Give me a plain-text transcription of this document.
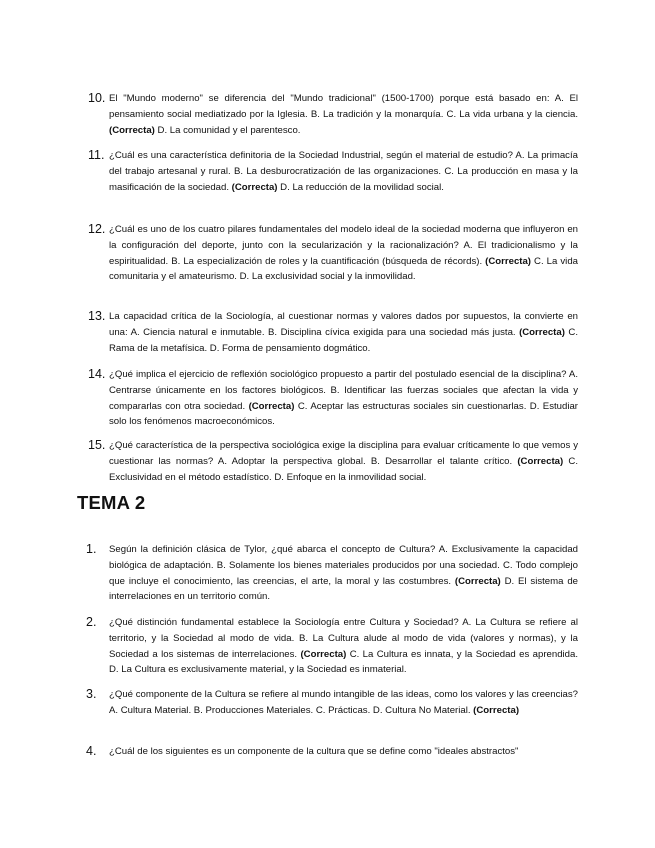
10. El "Mundo moderno" se diferencia del "Mundo tradicional" (1500-1700) porque está basado en: A. El pensamiento social mediatizado por la Iglesia. B. La tradición y la monarquía. C. La vida urbana y la ciencia. (Correcta) D. La comunidad y el parentesco.
11. ¿Cuál es una característica definitoria de la Sociedad Industrial, según el material de estudio? A. La primacía del trabajo artesanal y rural. B. La desburocratización de las organizaciones. C. La producción en masa y la masificación de la sociedad. (Correcta) D. La reducción de la movilidad social.
12. ¿Cuál es uno de los cuatro pilares fundamentales del modelo ideal de la sociedad moderna que influyeron en la configuración del deporte, junto con la secularización y la racionalización? A. El tradicionalismo y la espiritualidad. B. La especialización de roles y la cuantificación (búsqueda de récords). (Correcta) C. La vida comunitaria y el amateurismo. D. La exclusividad social y la inmovilidad.
13. La capacidad crítica de la Sociología, al cuestionar normas y valores dados por supuestos, la convierte en una: A. Ciencia natural e inmutable. B. Disciplina cívica exigida para una sociedad más justa. (Correcta) C. Rama de la metafísica. D. Forma de pensamiento dogmático.
14. ¿Qué implica el ejercicio de reflexión sociológico propuesto a partir del postulado esencial de la disciplina? A. Centrarse únicamente en los factores biológicos. B. Identificar las fuerzas sociales que afectan la vida y compararlas con otra sociedad. (Correcta) C. Aceptar las estructuras sociales sin cuestionarlas. D. Estudiar solo los fenómenos macroeconómicos.
15. ¿Qué característica de la perspectiva sociológica exige la disciplina para evaluar críticamente lo que vemos y cuestionar las normas? A. Adoptar la perspectiva global. B. Desarrollar el talante crítico. (Correcta) C. Exclusividad en el método estadístico. D. Enfoque en la inmovilidad social.
TEMA 2
1.	Según la definición clásica de Tylor, ¿qué abarca el concepto de Cultura? A. Exclusivamente la capacidad biológica de adaptación. B. Solamente los bienes materiales producidos por una sociedad. C. Todo complejo que incluye el conocimiento, las creencias, el arte, la moral y las costumbres. (Correcta) D. El sistema de interrelaciones en un territorio común.
2.	¿Qué distinción fundamental establece la Sociología entre Cultura y Sociedad? A. La Cultura se refiere al territorio, y la Sociedad al modo de vida. B. La Cultura alude al modo de vida (valores y normas), y la Sociedad a los sistemas de interrelaciones. (Correcta) C. La Cultura es innata, y la Sociedad es aprendida. D. La Cultura es exclusivamente material, y la Sociedad es inmaterial.
3.	¿Qué componente de la Cultura se refiere al mundo intangible de las ideas, como los valores y las creencias? A. Cultura Material. B. Producciones Materiales. C. Prácticas. D. Cultura No Material. (Correcta)
4.	¿Cuál de los siguientes es un componente de la cultura que se define como "ideales abstractos"
